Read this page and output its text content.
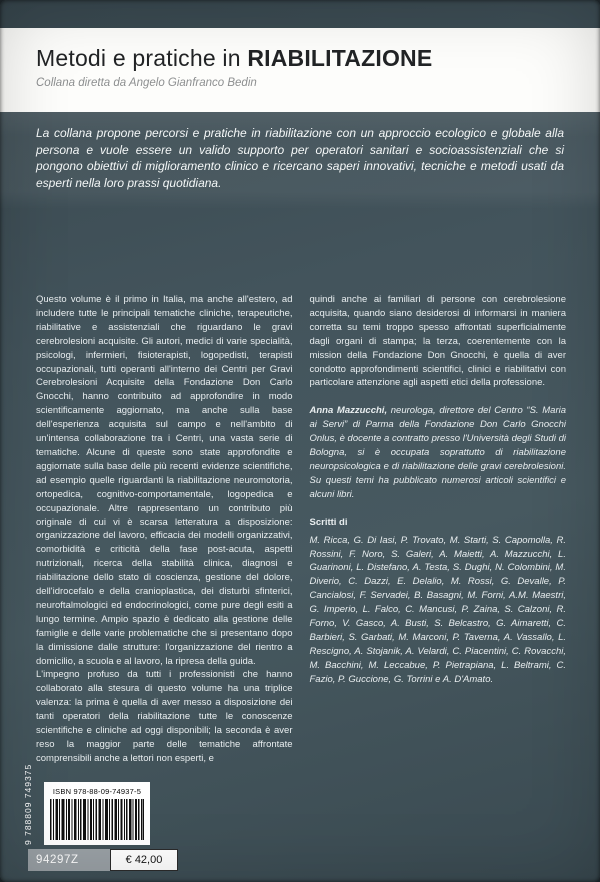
Metodi e pratiche in RIABILITAZIONE
Collana diretta da Angelo Gianfranco Bedin

La collana propone percorsi e pratiche in riabilitazione con un approccio ecologico e globale alla persona e vuole essere un valido supporto per operatori sanitari e socioassistenziali che si pongono obiettivi di miglioramento clinico e ricercano saperi innovativi, tecniche e metodi usati da esperti nella loro prassi quotidiana.

Questo volume è il primo in Italia, ma anche all'estero, ad includere tutte le principali tematiche cliniche, terapeutiche, riabilitative e assistenziali che riguardano le gravi cerebrolesioni acquisite. Gli autori, medici di varie specialità, psicologi, infermieri, fisioterapisti, logopedisti, terapisti occupazionali, tutti operanti all'interno dei Centri per Gravi Cerebrolesioni Acquisite della Fondazione Don Carlo Gnocchi, hanno contribuito ad approfondire in modo scientificamente aggiornato, ma anche sulla base dell'esperienza acquisita sul campo e nell'ambito di un'intensa collaborazione tra i Centri, una vasta serie di tematiche. Alcune di queste sono state approfondite e aggiornate sulla base delle più recenti evidenze scientifiche, ad esempio quelle riguardanti la riabilitazione neuromotoria, ortopedica, cognitivo-comportamentale, logopedica e occupazionale. Altre rappresentano un contributo più originale di cui vi è scarsa letteratura a disposizione: organizzazione del lavoro, efficacia dei modelli organizzativi, comorbidità e criticità della fase post-acuta, aspetti nutrizionali, ricerca della stabilità clinica, diagnosi e riabilitazione dello stato di coscienza, gestione del dolore, dell'idrocefalo e della cranioplastica, dei disturbi sfinterici, neuroftalmologici ed endocrinologici, come pure degli esiti a lungo termine. Ampio spazio è dedicato alla gestione delle famiglie e delle varie problematiche che si presentano dopo la dimissione dalle strutture: l'organizzazione del rientro a domicilio, a scuola e al lavoro, la ripresa della guida.

L'impegno profuso da tutti i professionisti che hanno collaborato alla stesura di questo volume ha una triplice valenza: la prima è quella di aver messo a disposizione dei tanti operatori della riabilitazione tutte le conoscenze scientifiche e cliniche ad oggi disponibili; la seconda è aver reso la maggior parte delle tematiche affrontate comprensibili anche a lettori non esperti, e

quindi anche ai familiari di persone con cerebrolesione acquisita, quando siano desiderosi di informarsi in maniera corretta su temi troppo spesso affrontati superficialmente dagli organi di stampa; la terza, coerentemente con la mission della Fondazione Don Gnocchi, è quella di aver condotto approfondimenti scientifici, clinici e riabilitativi con particolare attenzione agli aspetti etici della professione.

Anna Mazzucchi, neurologa, direttore del Centro “S. Maria ai Servi” di Parma della Fondazione Don Carlo Gnocchi Onlus, è docente a contratto presso l'Università degli Studi di Bologna, si è occupata soprattutto di riabilitazione neuropsicologica e di riabilitazione delle gravi cerebrolesioni. Su questi temi ha pubblicato numerosi articoli scientifici e alcuni libri.

Scritti di

M. Ricca, G. Di Iasi, P. Trovato, M. Starti, S. Capomolla, R. Rossini, F. Noro, S. Galeri, A. Maietti, A. Mazzucchi, L. Guarinoni, L. Distefano, A. Testa, S. Dughi, N. Colombini, M. Diverio, C. Dazzi, E. Delalio, M. Rossi, G. Devalle, P. Cancialosi, F. Servadei, B. Basagni, M. Forni, A.M. Maestri, G. Imperio, L. Falco, C. Mancusi, P. Zaina, S. Calzoni, R. Forno, V. Gasco, A. Busti, S. Belcastro, G. Aimaretti, C. Barbieri, S. Garbati, M. Marconi, P. Taverna, A. Vassallo, L. Rescigno, A. Stojanik, A. Velardi, C. Piacentini, C. Rovacchi, M. Bacchini, M. Leccabue, P. Pietrapiana, L. Beltrami, C. Fazio, P. Guccione, G. Torrini e A. D'Amato.

9 788809 749375	ISBN 978-88-09-74937-5
94297Z	€ 42,00
